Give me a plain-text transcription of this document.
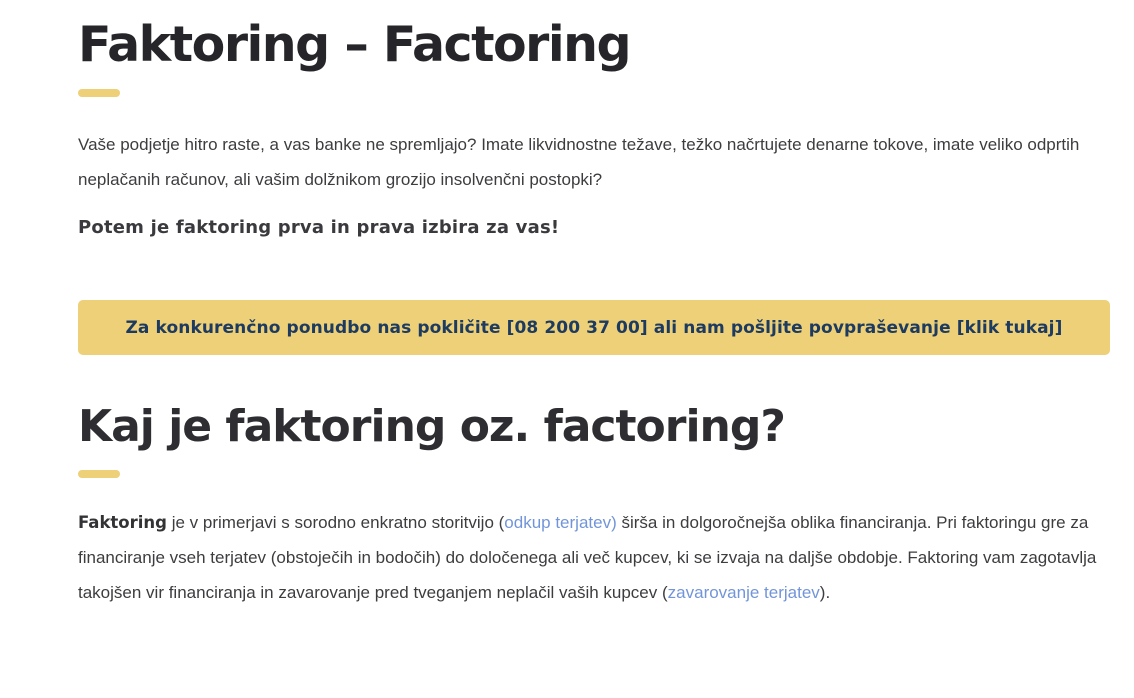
Faktoring – Factoring

Vaše podjetje hitro raste, a vas banke ne spremljajo? Imate likvidnostne težave, težko načrtujete denarne tokove, imate veliko odprtih neplačanih računov, ali vašim dolžnikom grozijo insolvenčni postopki?

Potem je faktoring prva in prava izbira za vas!

Za konkurenčno ponudbo nas pokličite [08 200 37 00] ali nam pošljite povpraševanje [klik tukaj]
Kaj je faktoring oz. factoring?

Faktoring je v primerjavi s sorodno enkratno storitvijo (odkup terjatev) širša in dolgoročnejša oblika financiranja. Pri faktoringu gre za financiranje vseh terjatev (obstoječih in bodočih) do določenega ali več kupcev, ki se izvaja na daljše obdobje. Faktoring vam zagotavlja takojšen vir financiranja in zavarovanje pred tveganjem neplačil vaših kupcev (zavarovanje terjatev).
